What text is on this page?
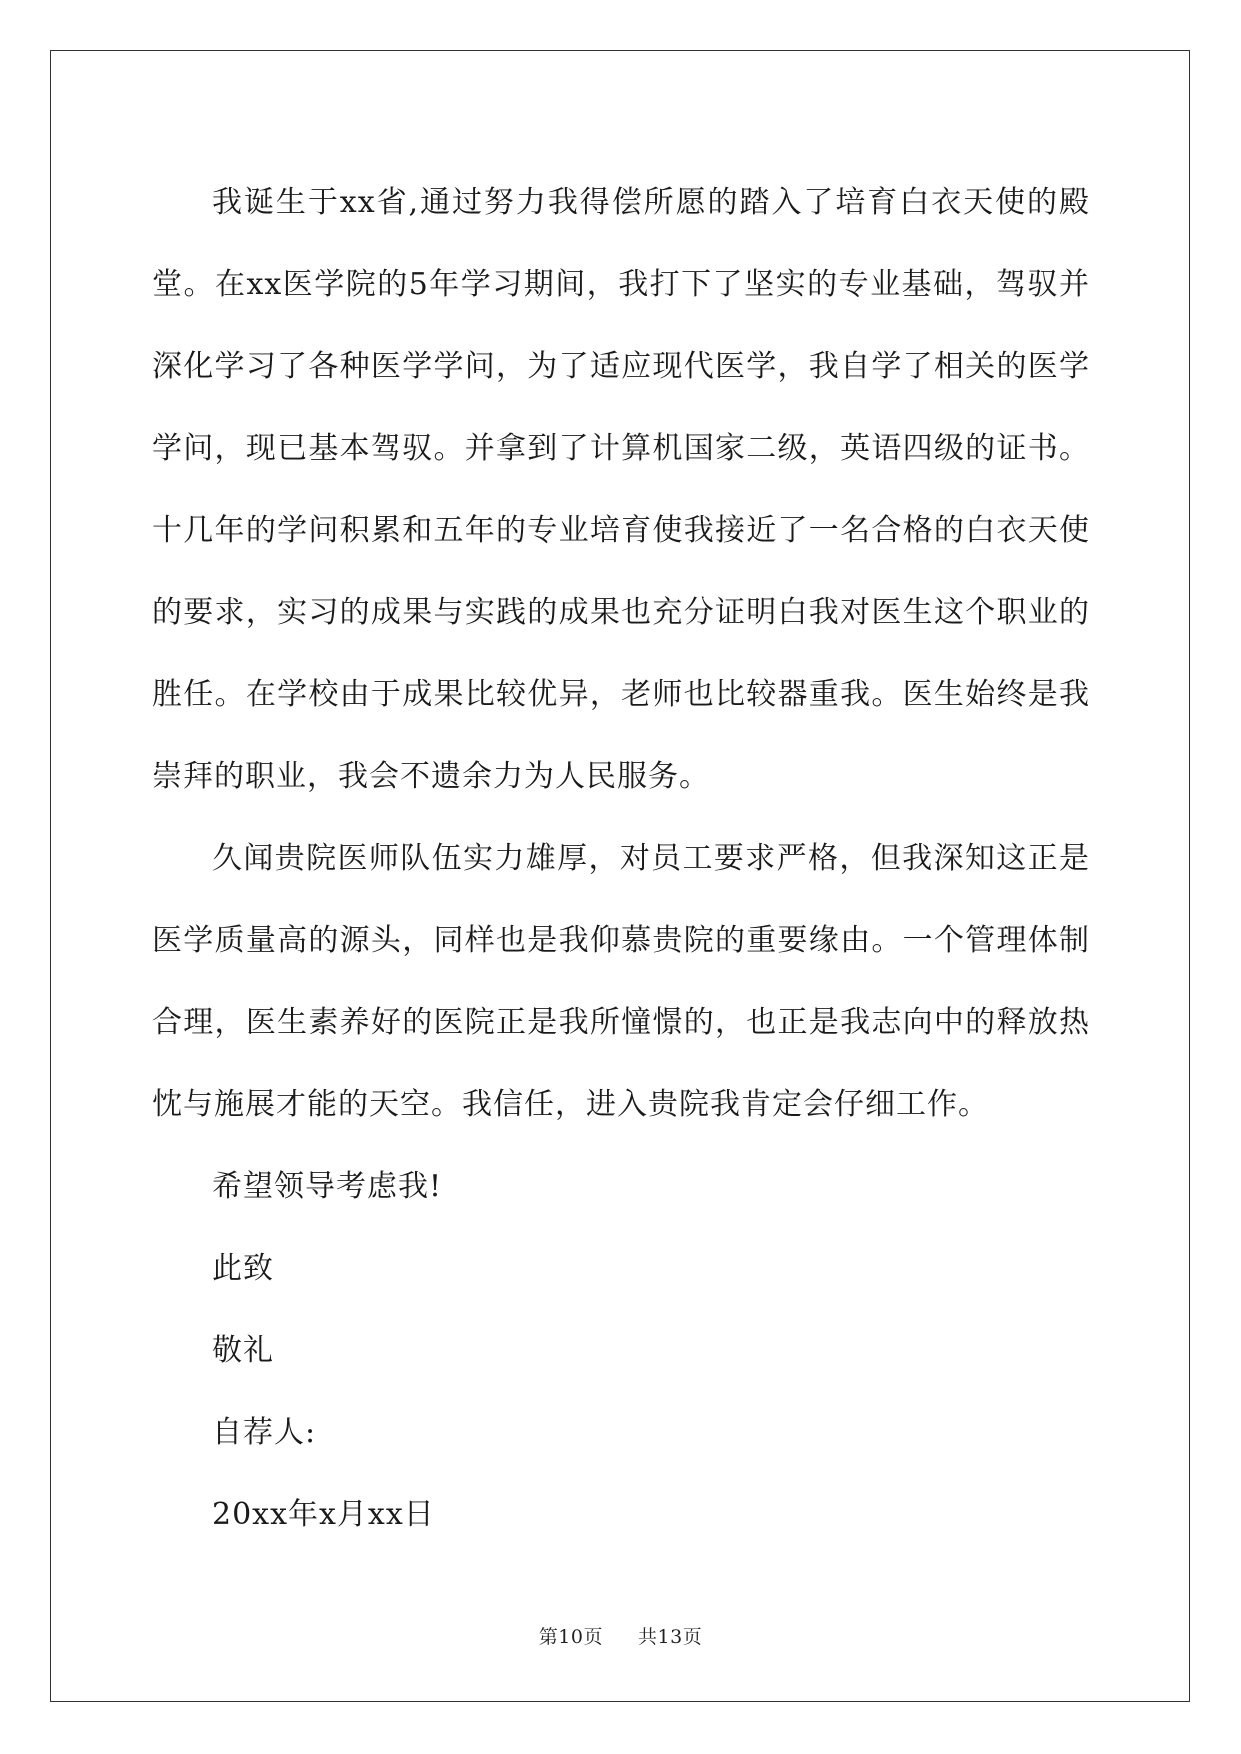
我诞生于xx省,通过努力我得偿所愿的踏入了培育白衣天使的殿堂。在xx医学院的5年学习期间，我打下了坚实的专业基础，驾驭并深化学习了各种医学学问，为了适应现代医学，我自学了相关的医学学问，现已基本驾驭。并拿到了计算机国家二级，英语四级的证书。十几年的学问积累和五年的专业培育使我接近了一名合格的白衣天使的要求，实习的成果与实践的成果也充分证明白我对医生这个职业的胜任。在学校由于成果比较优异，老师也比较器重我。医生始终是我崇拜的职业，我会不遗余力为人民服务。

久闻贵院医师队伍实力雄厚，对员工要求严格，但我深知这正是医学质量高的源头，同样也是我仰慕贵院的重要缘由。一个管理体制合理，医生素养好的医院正是我所憧憬的，也正是我志向中的释放热忱与施展才能的天空。我信任，进入贵院我肯定会仔细工作。

希望领导考虑我!

此致

敬礼

自荐人:

20xx年x月xx日

第10页 共13页
